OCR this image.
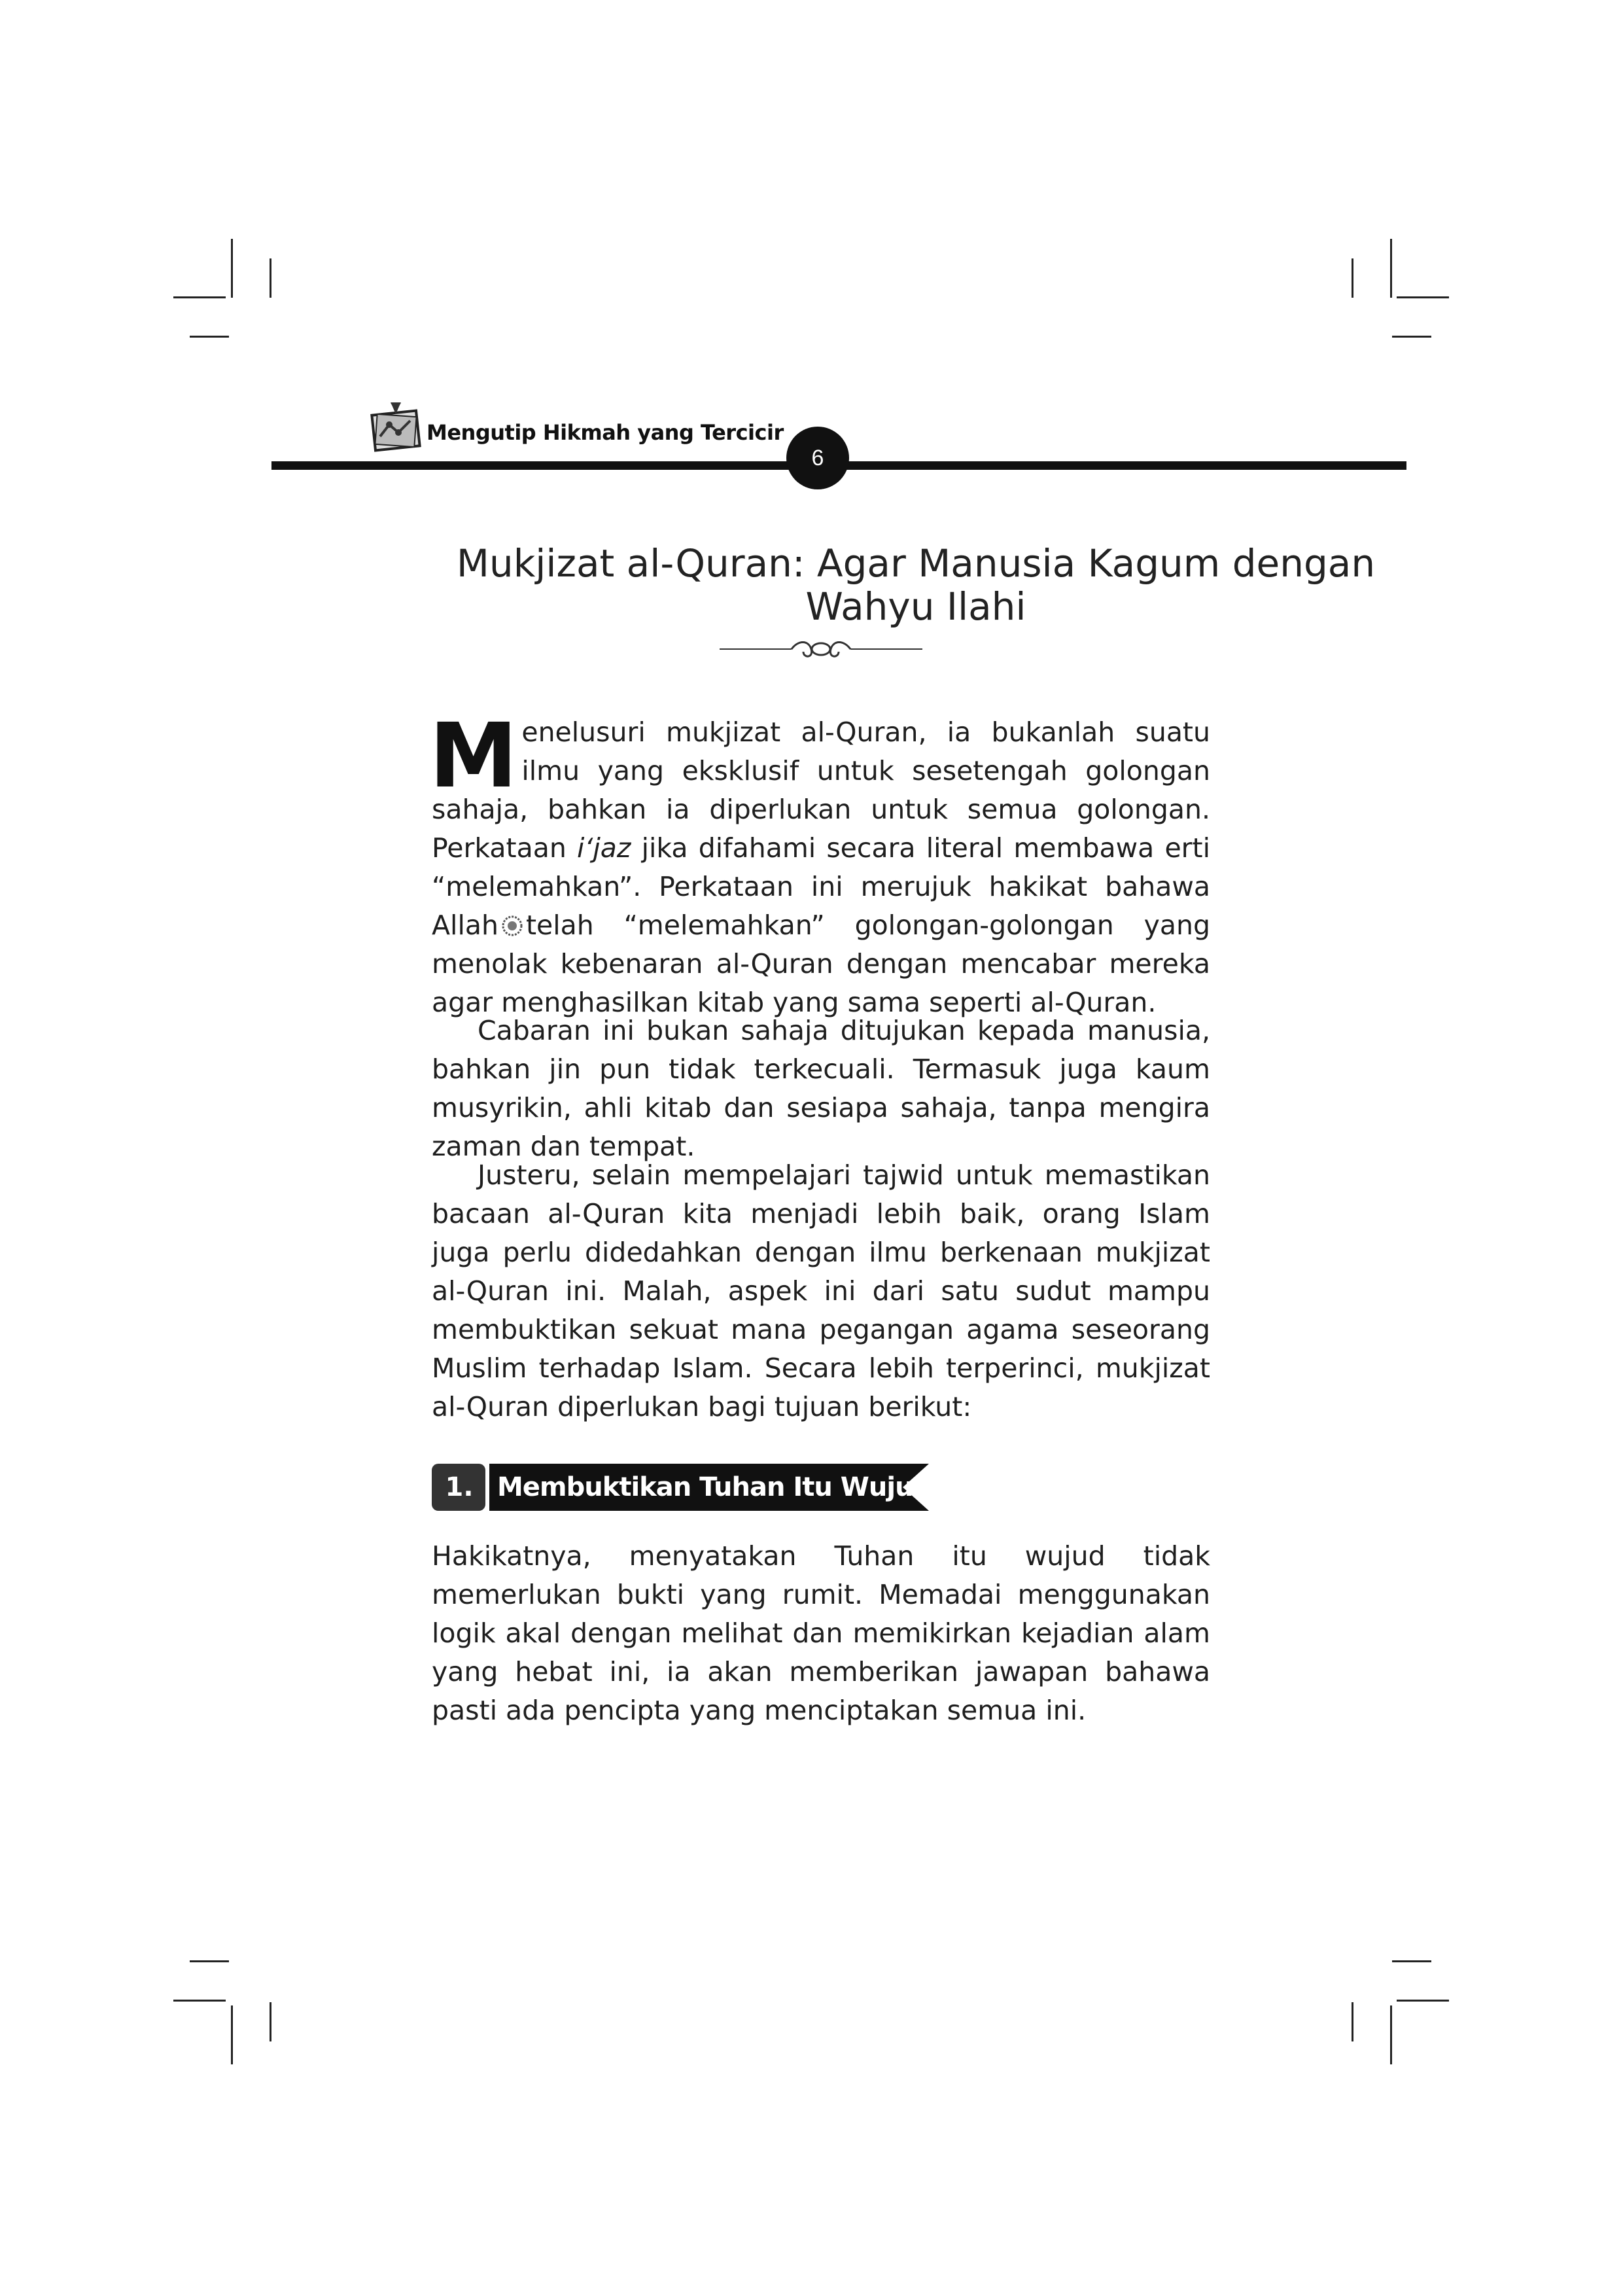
Mengutip Hikmah yang Tercicir
6
Mukjizat al-Quran: Agar Manusia Kagum dengan
Wahyu Ilahi

Menelusuri mukjizat al-Quran, ia bukanlah suatu ilmu yang eksklusif untuk sesetengah golongan sahaja, bahkan ia diperlukan untuk semua golongan. Perkataan i‘jaz jika difahami secara literal membawa erti “melemahkan”. Perkataan ini merujuk hakikat bahawa Allah telah “melemahkan” golongan-golongan yang menolak kebenaran al-Quran dengan mencabar mereka agar menghasilkan kitab yang sama seperti al-Quran.

Cabaran ini bukan sahaja ditujukan kepada manusia, bahkan jin pun tidak terkecuali. Termasuk juga kaum musyrikin, ahli kitab dan sesiapa sahaja, tanpa mengira zaman dan tempat.

Justeru, selain mempelajari tajwid untuk memastikan bacaan al-Quran kita menjadi lebih baik, orang Islam juga perlu didedahkan dengan ilmu berkenaan mukjizat al-Quran ini. Malah, aspek ini dari satu sudut mampu membuktikan sekuat mana pegangan agama seseorang Muslim terhadap Islam. Secara lebih terperinci, mukjizat al-Quran diperlukan bagi tujuan berikut:

1. Membuktikan Tuhan Itu Wujud

Hakikatnya, menyatakan Tuhan itu wujud tidak memerlukan bukti yang rumit. Memadai menggunakan logik akal dengan melihat dan memikirkan kejadian alam yang hebat ini, ia akan memberikan jawapan bahawa pasti ada pencipta yang menciptakan semua ini.
